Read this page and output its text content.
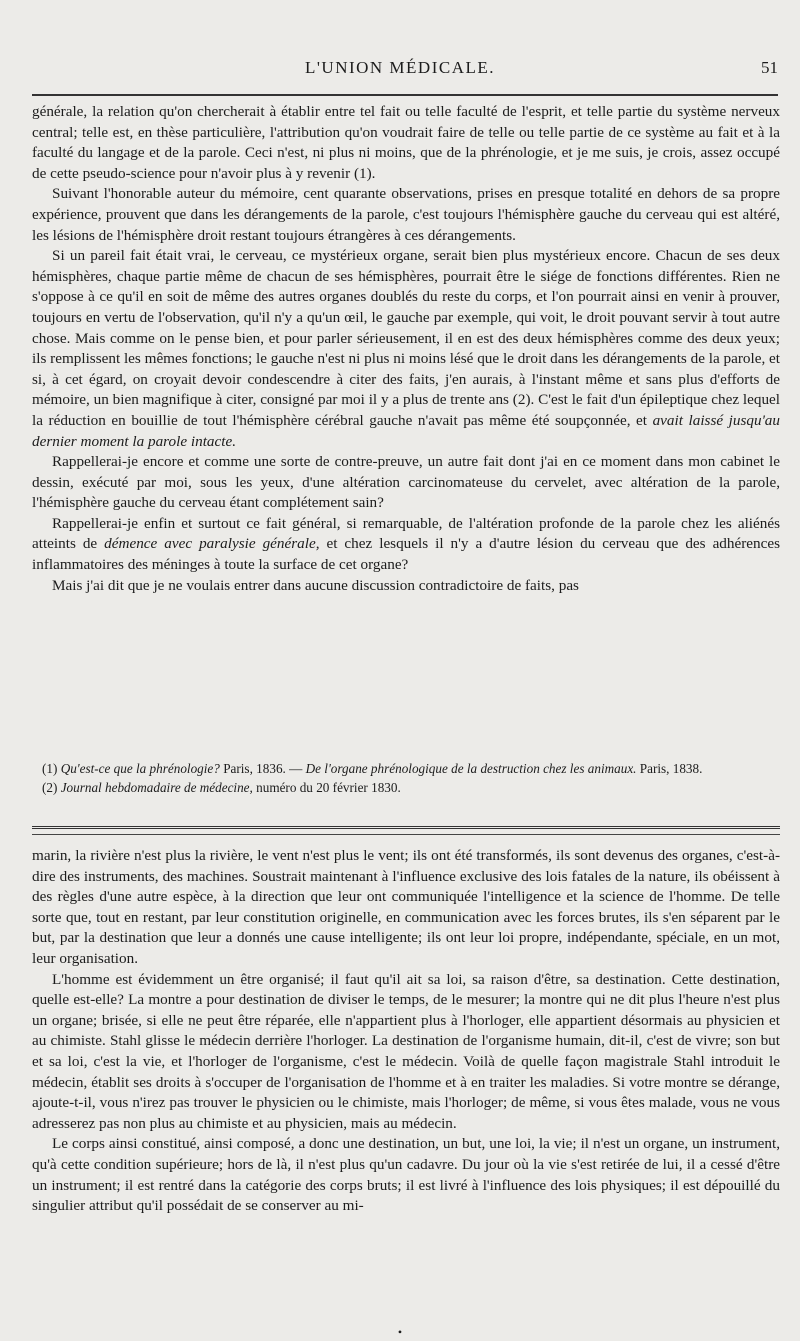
L'UNION MÉDICALE.	51

générale, la relation qu'on chercherait à établir entre tel fait ou telle faculté de l'esprit, et telle partie du système nerveux central; telle est, en thèse particulière, l'attribution qu'on voudrait faire de telle ou telle partie de ce système au fait et à la faculté du langage et de la parole. Ceci n'est, ni plus ni moins, que de la phrénologie, et je me suis, je crois, assez occupé de cette pseudo-science pour n'avoir plus à y revenir (1).

Suivant l'honorable auteur du mémoire, cent quarante observations, prises en presque totalité en dehors de sa propre expérience, prouvent que dans les dérangements de la parole, c'est toujours l'hémisphère gauche du cerveau qui est altéré, les lésions de l'hémisphère droit restant toujours étrangères à ces dérangements.

Si un pareil fait était vrai, le cerveau, ce mystérieux organe, serait bien plus mystérieux encore. Chacun de ses deux hémisphères, chaque partie même de chacun de ses hémisphères, pourrait être le siége de fonctions différentes. Rien ne s'oppose à ce qu'il en soit de même des autres organes doublés du reste du corps, et l'on pourrait ainsi en venir à prouver, toujours en vertu de l'observation, qu'il n'y a qu'un œil, le gauche par exemple, qui voit, le droit pouvant servir à tout autre chose. Mais comme on le pense bien, et pour parler sérieusement, il en est des deux hémisphères comme des deux yeux; ils remplissent les mêmes fonctions; le gauche n'est ni plus ni moins lésé que le droit dans les dérangements de la parole, et si, à cet égard, on croyait devoir condescendre à citer des faits, j'en aurais, à l'instant même et sans plus d'efforts de mémoire, un bien magnifique à citer, consigné par moi il y a plus de trente ans (2). C'est le fait d'un épileptique chez lequel la réduction en bouillie de tout l'hémisphère cérébral gauche n'avait pas même été soupçonnée, et avait laissé jusqu'au dernier moment la parole intacte.

Rappellerai-je encore et comme une sorte de contre-preuve, un autre fait dont j'ai en ce moment dans mon cabinet le dessin, exécuté par moi, sous les yeux, d'une altération carcinomateuse du cervelet, avec altération de la parole, l'hémisphère gauche du cerveau étant complétement sain?

Rappellerai-je enfin et surtout ce fait général, si remarquable, de l'altération profonde de la parole chez les aliénés atteints de démence avec paralysie générale, et chez lesquels il n'y a d'autre lésion du cerveau que des adhérences inflammatoires des méninges à toute la surface de cet organe?

Mais j'ai dit que je ne voulais entrer dans aucune discussion contradictoire de faits, pas

(1) Qu'est-ce que la phrénologie? Paris, 1836. — De l'organe phrénologique de la destruction chez les animaux. Paris, 1838.

(2) Journal hebdomadaire de médecine, numéro du 20 février 1830.

marin, la rivière n'est plus la rivière, le vent n'est plus le vent; ils ont été transformés, ils sont devenus des organes, c'est-à-dire des instruments, des machines. Soustrait maintenant à l'influence exclusive des lois fatales de la nature, ils obéissent à des règles d'une autre espèce, à la direction que leur ont communiquée l'intelligence et la science de l'homme. De telle sorte que, tout en restant, par leur constitution originelle, en communication avec les forces brutes, ils s'en séparent par le but, par la destination que leur a donnés une cause intelligente; ils ont leur loi propre, indépendante, spéciale, en un mot, leur organisation.

L'homme est évidemment un être organisé; il faut qu'il ait sa loi, sa raison d'être, sa destination. Cette destination, quelle est-elle? La montre a pour destination de diviser le temps, de le mesurer; la montre qui ne dit plus l'heure n'est plus un organe; brisée, si elle ne peut être réparée, elle n'appartient plus à l'horloger, elle appartient désormais au physicien et au chimiste. Stahl glisse le médecin derrière l'horloger. La destination de l'organisme humain, dit-il, c'est de vivre; son but et sa loi, c'est la vie, et l'horloger de l'organisme, c'est le médecin. Voilà de quelle façon magistrale Stahl introduit le médecin, établit ses droits à s'occuper de l'organisation de l'homme et à en traiter les maladies. Si votre montre se dérange, ajoute-t-il, vous n'irez pas trouver le physicien ou le chimiste, mais l'horloger; de même, si vous êtes malade, vous ne vous adresserez pas non plus au chimiste et au physicien, mais au médecin.

Le corps ainsi constitué, ainsi composé, a donc une destination, un but, une loi, la vie; il n'est un organe, un instrument, qu'à cette condition supérieure; hors de là, il n'est plus qu'un cadavre. Du jour où la vie s'est retirée de lui, il a cessé d'être un instrument; il est rentré dans la catégorie des corps bruts; il est livré à l'influence des lois physiques; il est dépouillé du singulier attribut qu'il possédait de se conserver au mi-

•
